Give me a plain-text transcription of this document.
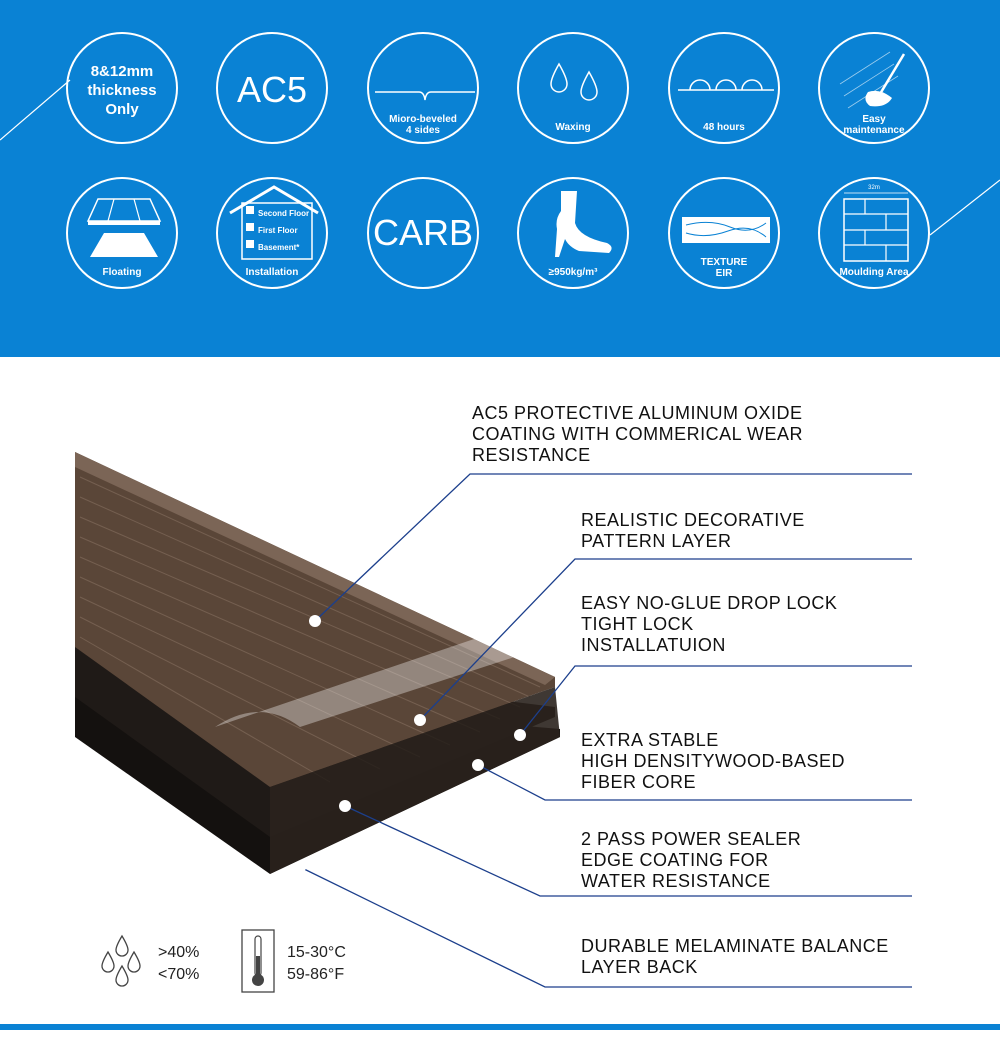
8&12mm
thickness
Only	AC5
Mioro-beveled
4 sides	Waxing	48 hours
Easy
maintenance
Floating
Second Floor
First Floor
Basement*
Installation
CARB
≥950kg/m³
TEXTURE
EIR
32m
Moulding Area
AC5 PROTECTIVE ALUMINUM OXIDE
COATING WITH COMMERICAL WEAR
RESISTANCE
REALISTIC DECORATIVE
PATTERN LAYER
EASY NO-GLUE DROP LOCK
TIGHT LOCK
INSTALLATUION
EXTRA STABLE
HIGH DENSITYWOOD-BASED
FIBER CORE
2 PASS POWER SEALER
EDGE COATING FOR
WATER RESISTANCE
DURABLE MELAMINATE BALANCE
LAYER BACK
>40%
<70%
15-30°C
59-86°F
